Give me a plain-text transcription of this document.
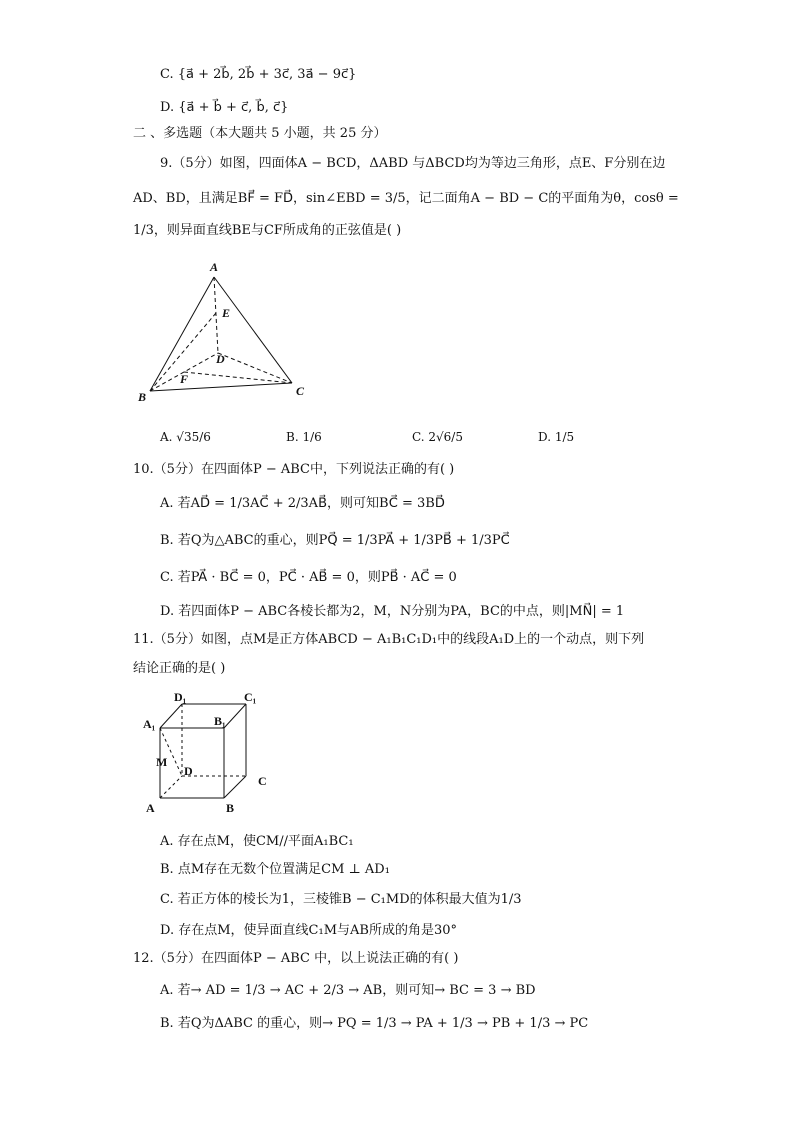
C. {a⃗ + 2b⃗, 2b⃗ + 3c⃗, 3a⃗ − 9c⃗}
D. {a⃗ + b⃗ + c⃗, b⃗, c⃗}
二 、多选题（本大题共 5 小题，共 25 分）
9.（5分）如图，四面体A − BCD，ΔABD 与ΔBCD均为等边三角形，点E、F分别在边
AD、BD，且满足BF⃗ = FD⃗，sin∠EBD = 3/5，记二面角A − BD − C的平面角为θ，cosθ =
1/3，则异面直线BE与CF所成角的正弦值是( )
A
B	C
D
E
F
A. √35/6	B. 1/6	C. 2√6/5	D. 1/5
10.（5分）在四面体P − ABC中，下列说法正确的有( )
A. 若AD⃗ = 1/3AC⃗ + 2/3AB⃗，则可知BC⃗ = 3BD⃗
B. 若Q为△ABC的重心，则PQ⃗ = 1/3PA⃗ + 1/3PB⃗ + 1/3PC⃗
C. 若PA⃗ · BC⃗ = 0，PC⃗ · AB⃗ = 0，则PB⃗ · AC⃗ = 0
D. 若四面体P − ABC各棱长都为2，M，N分别为PA，BC的中点，则|MN⃗| = 1
11.（5分）如图，点M是正方体ABCD − A₁B₁C₁D₁中的线段A₁D上的一个动点，则下列
结论正确的是( )
D₁	C₁
A₁	B₁
M
D
C
A	B
A. 存在点M，使CM//平面A₁BC₁
B. 点M存在无数个位置满足CM ⊥ AD₁
C. 若正方体的棱长为1，三棱锥B − C₁MD的体积最大值为1/3
D. 存在点M，使异面直线C₁M与AB所成的角是30°
12.（5分）在四面体P − ABC 中，以上说法正确的有( )
A. 若→ AD = 1/3 → AC + 2/3 → AB，则可知→ BC = 3 → BD
B. 若Q为ΔABC 的重心，则→ PQ = 1/3 → PA + 1/3 → PB + 1/3 → PC
